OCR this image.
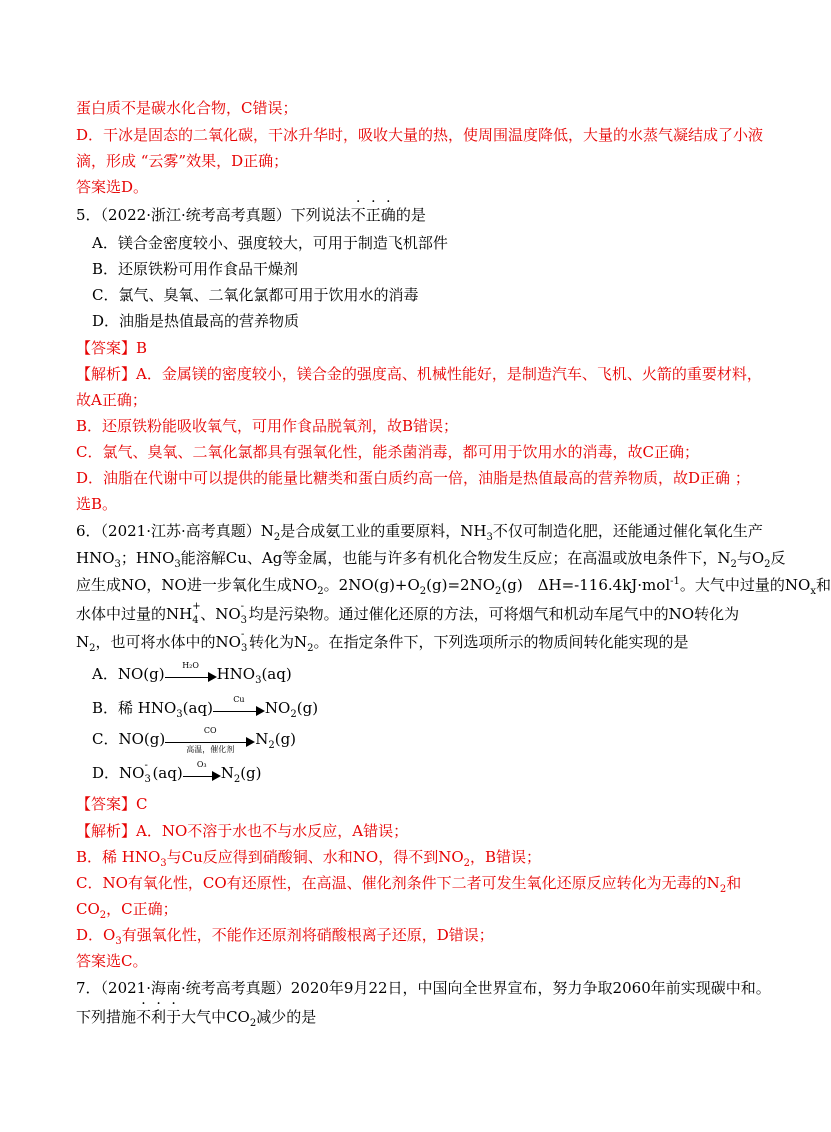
蛋白质不是碳水化合物，C错误；
D．干冰是固态的二氧化碳，干冰升华时，吸收大量的热，使周围温度降低，大量的水蒸气凝结成了小液
滴，形成 “云雾”效果，D正确；
答案选D。
5．（2022·浙江·统考高考真题）下列说法不正确的是
A．镁合金密度较小、强度较大，可用于制造飞机部件
B．还原铁粉可用作食品干燥剂
C．氯气、臭氧、二氧化氯都可用于饮用水的消毒
D．油脂是热值最高的营养物质
【答案】B
【解析】A．金属镁的密度较小，镁合金的强度高、机械性能好，是制造汽车、飞机、火箭的重要材料，
故A正确；
B．还原铁粉能吸收氧气，可用作食品脱氧剂，故B错误；
C．氯气、臭氧、二氧化氯都具有强氧化性，能杀菌消毒，都可用于饮用水的消毒，故C正确；
D．油脂在代谢中可以提供的能量比糖类和蛋白质约高一倍，油脂是热值最高的营养物质，故D正确 ；
选B。
6．（2021·江苏·高考真题）$N_2$是合成氨工业的重要原料，$NH_3$不仅可制造化肥，还能通过催化氧化生产
$HNO_3$；$HNO_3$能溶解Cu、Ag等金属，也能与许多有机化合物发生反应；在高温或放电条件下，$N_2$与$O_2$反
应生成NO，NO进一步氧化生成$NO_2$。$2NO(g)+O_2(g)=2NO_2(g)$　ΔH=-116.4kJ·mol$^{-1}$。大气中过量的$NO_x$和
水体中过量的NH +
4 、NO -
3 均是污染物。通过催化还原的方法，可将烟气和机动车尾气中的NO转化为
$N_2$，也可将水体中的NO -
3 转化为$N_2$。在指定条件下，下列选项所示的物质间转化能实现的是
A．NO(g)	H₂O	$HNO_3(aq)$
B．稀 $HNO_3(aq)$	Cu	$NO_2(g)$
C．NO(g)	CO
高温，催化剂
$N_2(g)$
D．NO -
3 (aq)	O₃ $N_2(g)$
【答案】C
【解析】A．NO不溶于水也不与水反应，A错误；
B．稀 $HNO_3$与Cu反应得到硝酸铜、水和NO，得不到$NO_2$，B错误；
C．NO有氧化性，CO有还原性，在高温、催化剂条件下二者可发生氧化还原反应转化为无毒的$N_2$和
$CO_2$，C正确；
D．$O_3$有强氧化性，不能作还原剂将硝酸根离子还原，D错误；
答案选C。
7．（2021·海南·统考高考真题）2020年9月22日，中国向全世界宣布，努力争取2060年前实现碳中和。
下列措施不利于大气中$CO_2$减少的是
